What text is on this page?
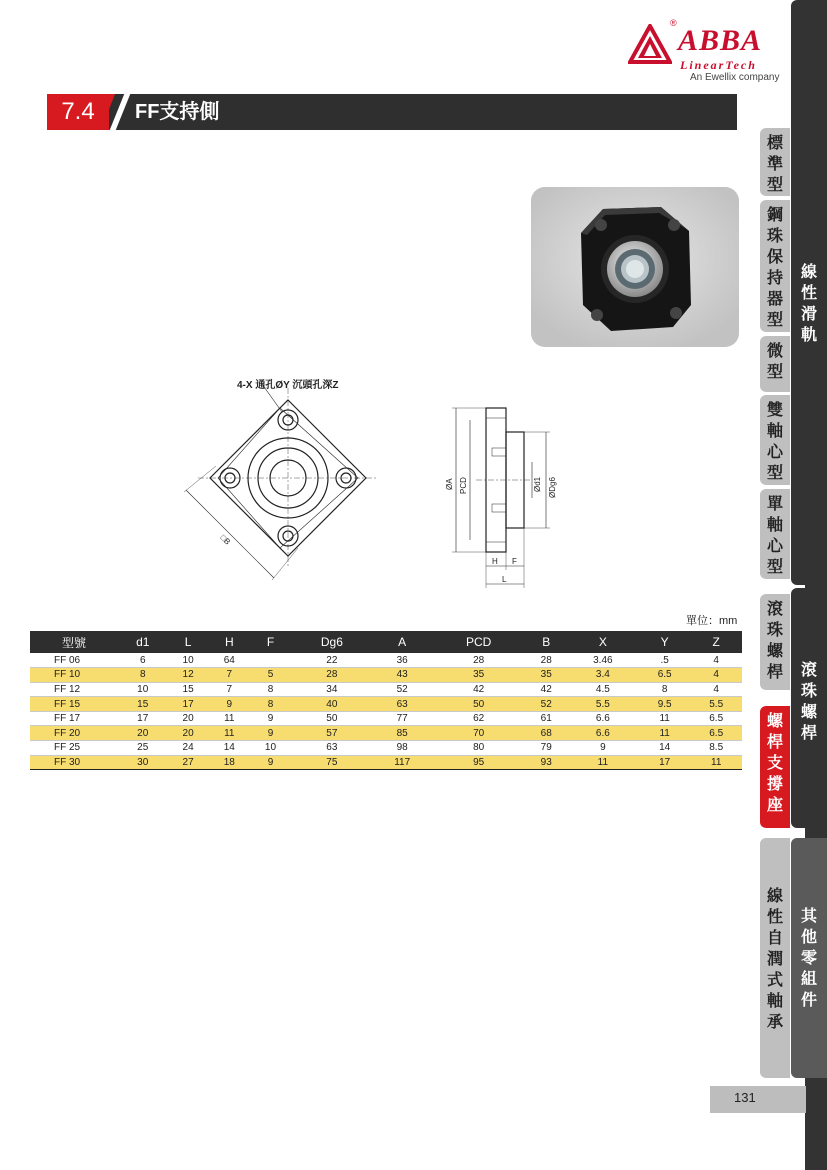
®
ABBA
LinearTech
An Ewellix company
7.4	FF支持側
線性滑軌
滾珠螺桿
其他零組件
標準型
鋼珠保持器型
微型
雙軸心型
單軸心型
滾珠螺桿
螺桿支撐座
線性自潤式軸承
4-X 通孔ØY 沉頭孔深Z
□B
ØA PCD	Ød1 ØDg6
H F
L
單位：mm
型號	d1	L	H	F	Dg6	A	PCD	B	X	Y	Z
FF 06	6	10	64		22	36	28	28	3.46	.5	4
FF 10	8	12	7	5	28	43	35	35	3.4	6.5	4
FF 12	10	15	7	8	34	52	42	42	4.5	8	4
FF 15	15	17	9	8	40	63	50	52	5.5	9.5	5.5
FF 17	17	20	11	9	50	77	62	61	6.6	11	6.5
FF 20	20	20	11	9	57	85	70	68	6.6	11	6.5
FF 25	25	24	14	10	63	98	80	79	9	14	8.5
FF 30	30	27	18	9	75	117	95	93	11	17	11
131
